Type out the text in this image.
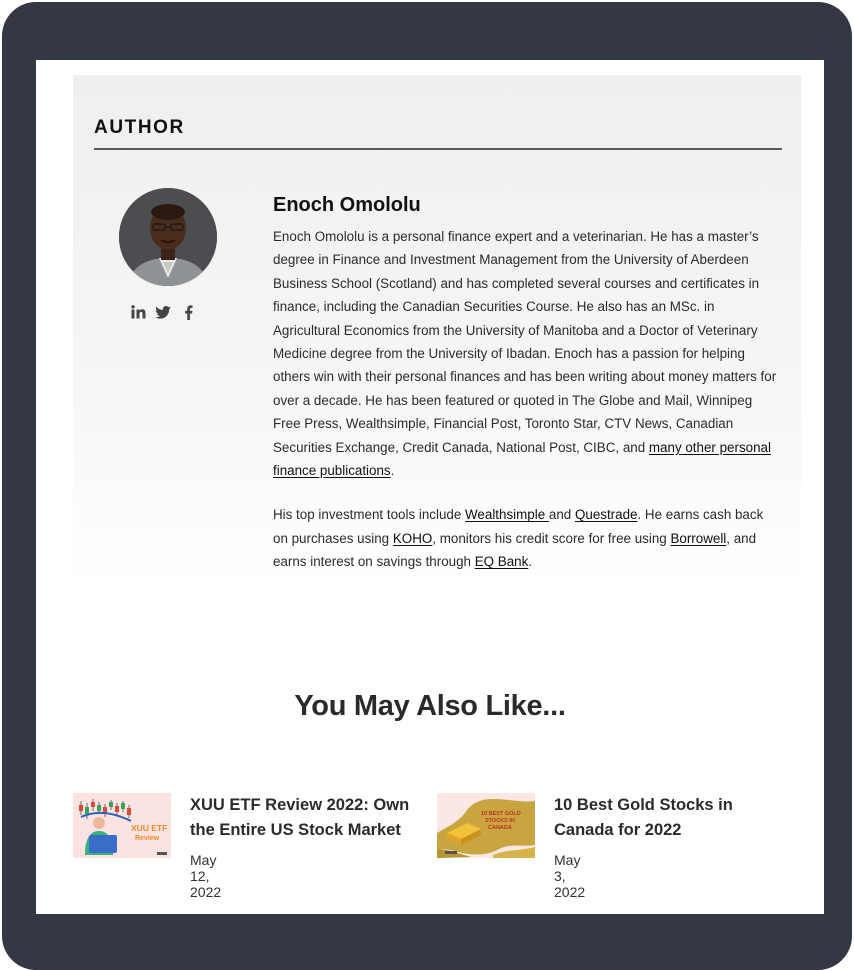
AUTHOR
Enoch Omololu

Enoch Omololu is a personal finance expert and a veterinarian. He has a master’s degree in Finance and Investment Management from the University of Aberdeen Business School (Scotland) and has completed several courses and certificates in finance, including the Canadian Securities Course. He also has an MSc. in Agricultural Economics from the University of Manitoba and a Doctor of Veterinary Medicine degree from the University of Ibadan. Enoch has a passion for helping others win with their personal finances and has been writing about money matters for over a decade. He has been featured or quoted in The Globe and Mail, Winnipeg Free Press, Wealthsimple, Financial Post, Toronto Star, CTV News, Canadian Securities Exchange, Credit Canada, National Post, CIBC, and many other personal finance publications.

His top investment tools include Wealthsimple and Questrade. He earns cash back on purchases using KOHO, monitors his credit score for free using Borrowell, and earns interest on savings through EQ Bank.

You May Also Like...
XUU ETF
Review
XUU ETF Review 2022: Own the Entire US Stock Market
May 12, 2022
10 BEST GOLD
STOCKS IN
CANADA
10 Best Gold Stocks in Canada for 2022
May 3, 2022
